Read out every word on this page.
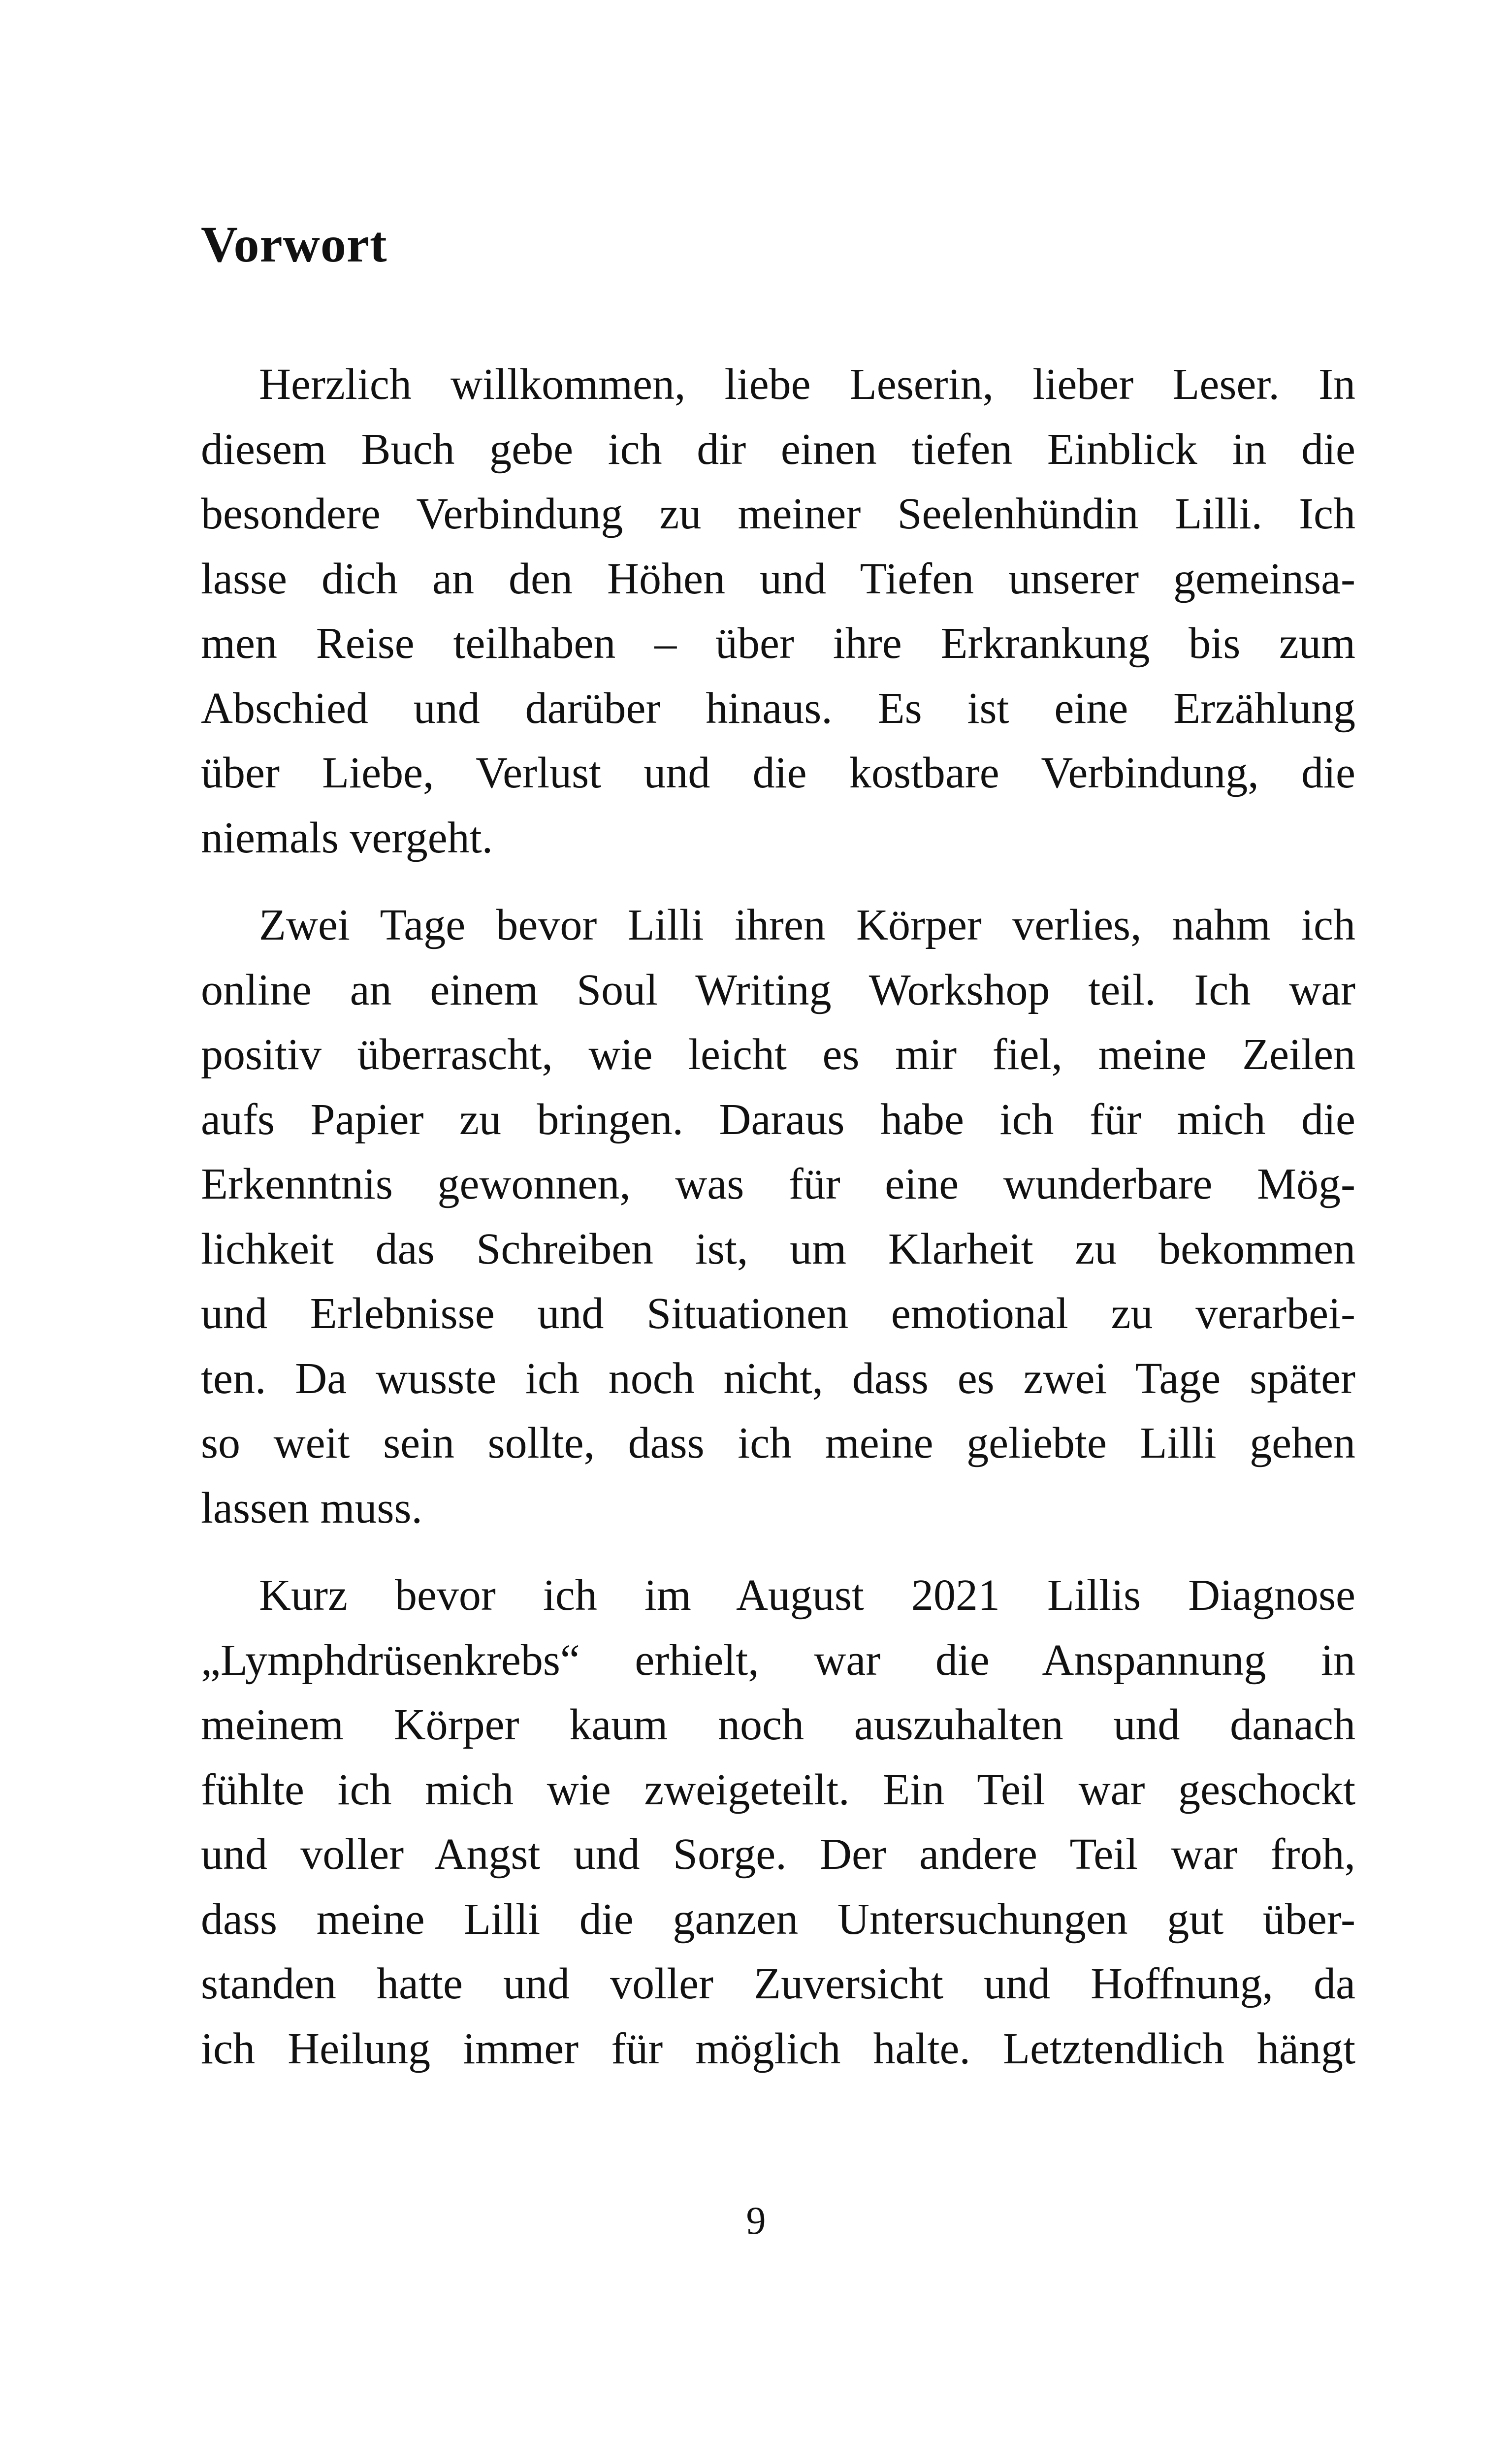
Vorwort

Herzlich willkommen, liebe Leserin, lieber Leser. In
diesem Buch gebe ich dir einen tiefen Einblick in die
besondere Verbindung zu meiner Seelenhündin Lilli. Ich
lasse dich an den Höhen und Tiefen unserer gemeinsa-
men Reise teilhaben – über ihre Erkrankung bis zum
Abschied und darüber hinaus. Es ist eine Erzählung
über Liebe, Verlust und die kostbare Verbindung, die
niemals vergeht.

Zwei Tage bevor Lilli ihren Körper verlies, nahm ich
online an einem Soul Writing Workshop teil. Ich war
positiv überrascht, wie leicht es mir fiel, meine Zeilen
aufs Papier zu bringen. Daraus habe ich für mich die
Erkenntnis gewonnen, was für eine wunderbare Mög-
lichkeit das Schreiben ist, um Klarheit zu bekommen
und Erlebnisse und Situationen emotional zu verarbei-
ten. Da wusste ich noch nicht, dass es zwei Tage später
so weit sein sollte, dass ich meine geliebte Lilli gehen
lassen muss.

Kurz bevor ich im August 2021 Lillis Diagnose
„Lymphdrüsenkrebs“ erhielt, war die Anspannung in
meinem Körper kaum noch auszuhalten und danach
fühlte ich mich wie zweigeteilt. Ein Teil war geschockt
und voller Angst und Sorge. Der andere Teil war froh,
dass meine Lilli die ganzen Untersuchungen gut über-
standen hatte und voller Zuversicht und Hoffnung, da
ich Heilung immer für möglich halte. Letztendlich hängt

9
